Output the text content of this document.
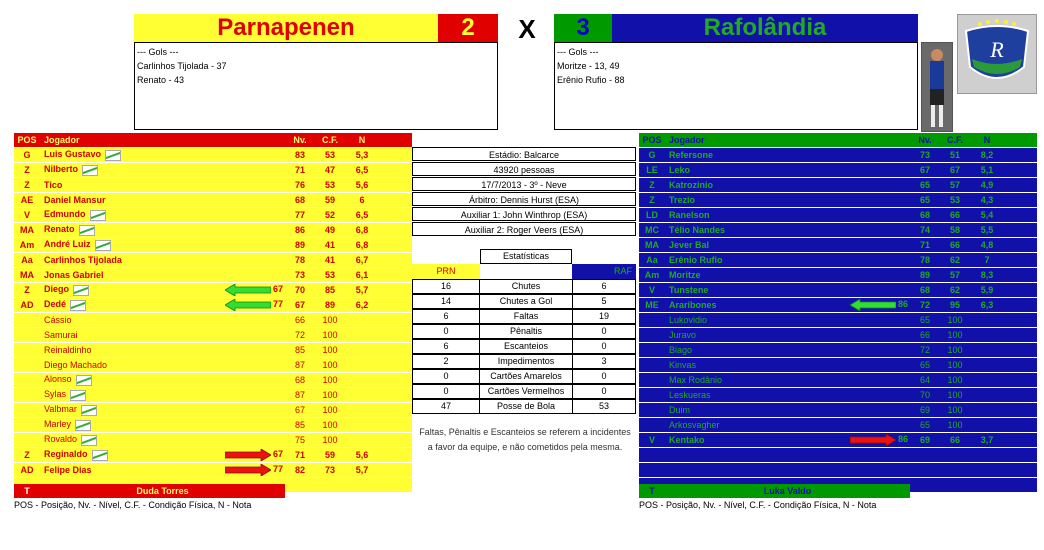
Parnapenen	2	X	3	Rafolândia
--- Gols ---
Carlinhos Tijolada - 37
Renato - 43
--- Gols ---
Moritze - 13, 49
Erênio Rufio - 88
R
POS	Jogador	Nv.	C.F.	N	
G	Luis Gustavo	83	53	5,3	
Z	Nilberto	71	47	6,5	
Z	Tico	76	53	5,6	
AE	Daniel Mansur	68	59	6	
V	Edmundo	77	52	6,5	
MA	Renato	86	49	6,8	
Am	André Luiz	89	41	6,8	
Aa	Carlinhos Tijolada	78	41	6,7	
MA	Jonas Gabriel	73	53	6,1	
Z	Diego 67	70	85	5,7	
AD	Dedé 77	67	89	6,2	
	Cássio	66	100		
	Samurai	72	100		
	Reinaldinho	85	100		
	Diego Machado	87	100		
	Alonso	68	100		
	Sylas	87	100		
	Valbmar	67	100		
	Marley	85	100		
	Rovaldo	75	100		
Z	Reginaldo 67	71	59	5,6	
AD	Felipe Dias 77	82	73	5,7	

POS	Jogador	Nv.	C.F.	N	
G	Refersone	73	51	8,2	
LE	Leko	67	67	5,1	
Z	Katrozinio	65	57	4,9	
Z	Trezio	65	53	4,3	
LD	Ranelson	68	66	5,4	
MC	Télio Nandes	74	58	5,5	
MA	Jever Bal	71	66	4,8	
Aa	Erênio Rufio	78	62	7	
Am	Moritze	89	57	8,3	
V	Tunstene	68	62	5,9	
ME	Araribones 86	72	95	6,3	
	Lukovidio	65	100		
	Juravo	66	100		
	Biago	72	100		
	Kinvas	65	100		
	Max Rodânio	64	100		
	Leskueras	70	100		
	Duim	69	100		
	Arkosvagher	65	100		
V	Kentako 86	69	66	3,7	

Estádio: Balcarce
43920 pessoas
17/7/2013 - 3º - Neve
Árbitro: Dennis Hurst (ESA)
Auxiliar 1: John Winthrop (ESA)
Auxiliar 2: Roger Veers (ESA)
Estatísticas
PRN	RAF
16	Chutes	6
14	Chutes a Gol	5
6	Faltas	19
0	Pênaltis	0
6	Escanteios	0
2	Impedimentos	3
0	Cartões Amarelos	0
0	Cartões Vermelhos	0
47	Posse de Bola	53
Faltas, Pênaltis e Escanteios se referem a incidentes a favor da equipe, e não cometidos pela mesma.
T	Duda Torres	T	Luka Valdo
POS - Posição, Nv. - Nível, C.F. - Condição Física, N - Nota	POS - Posição, Nv. - Nível, C.F. - Condição Física, N - Nota
